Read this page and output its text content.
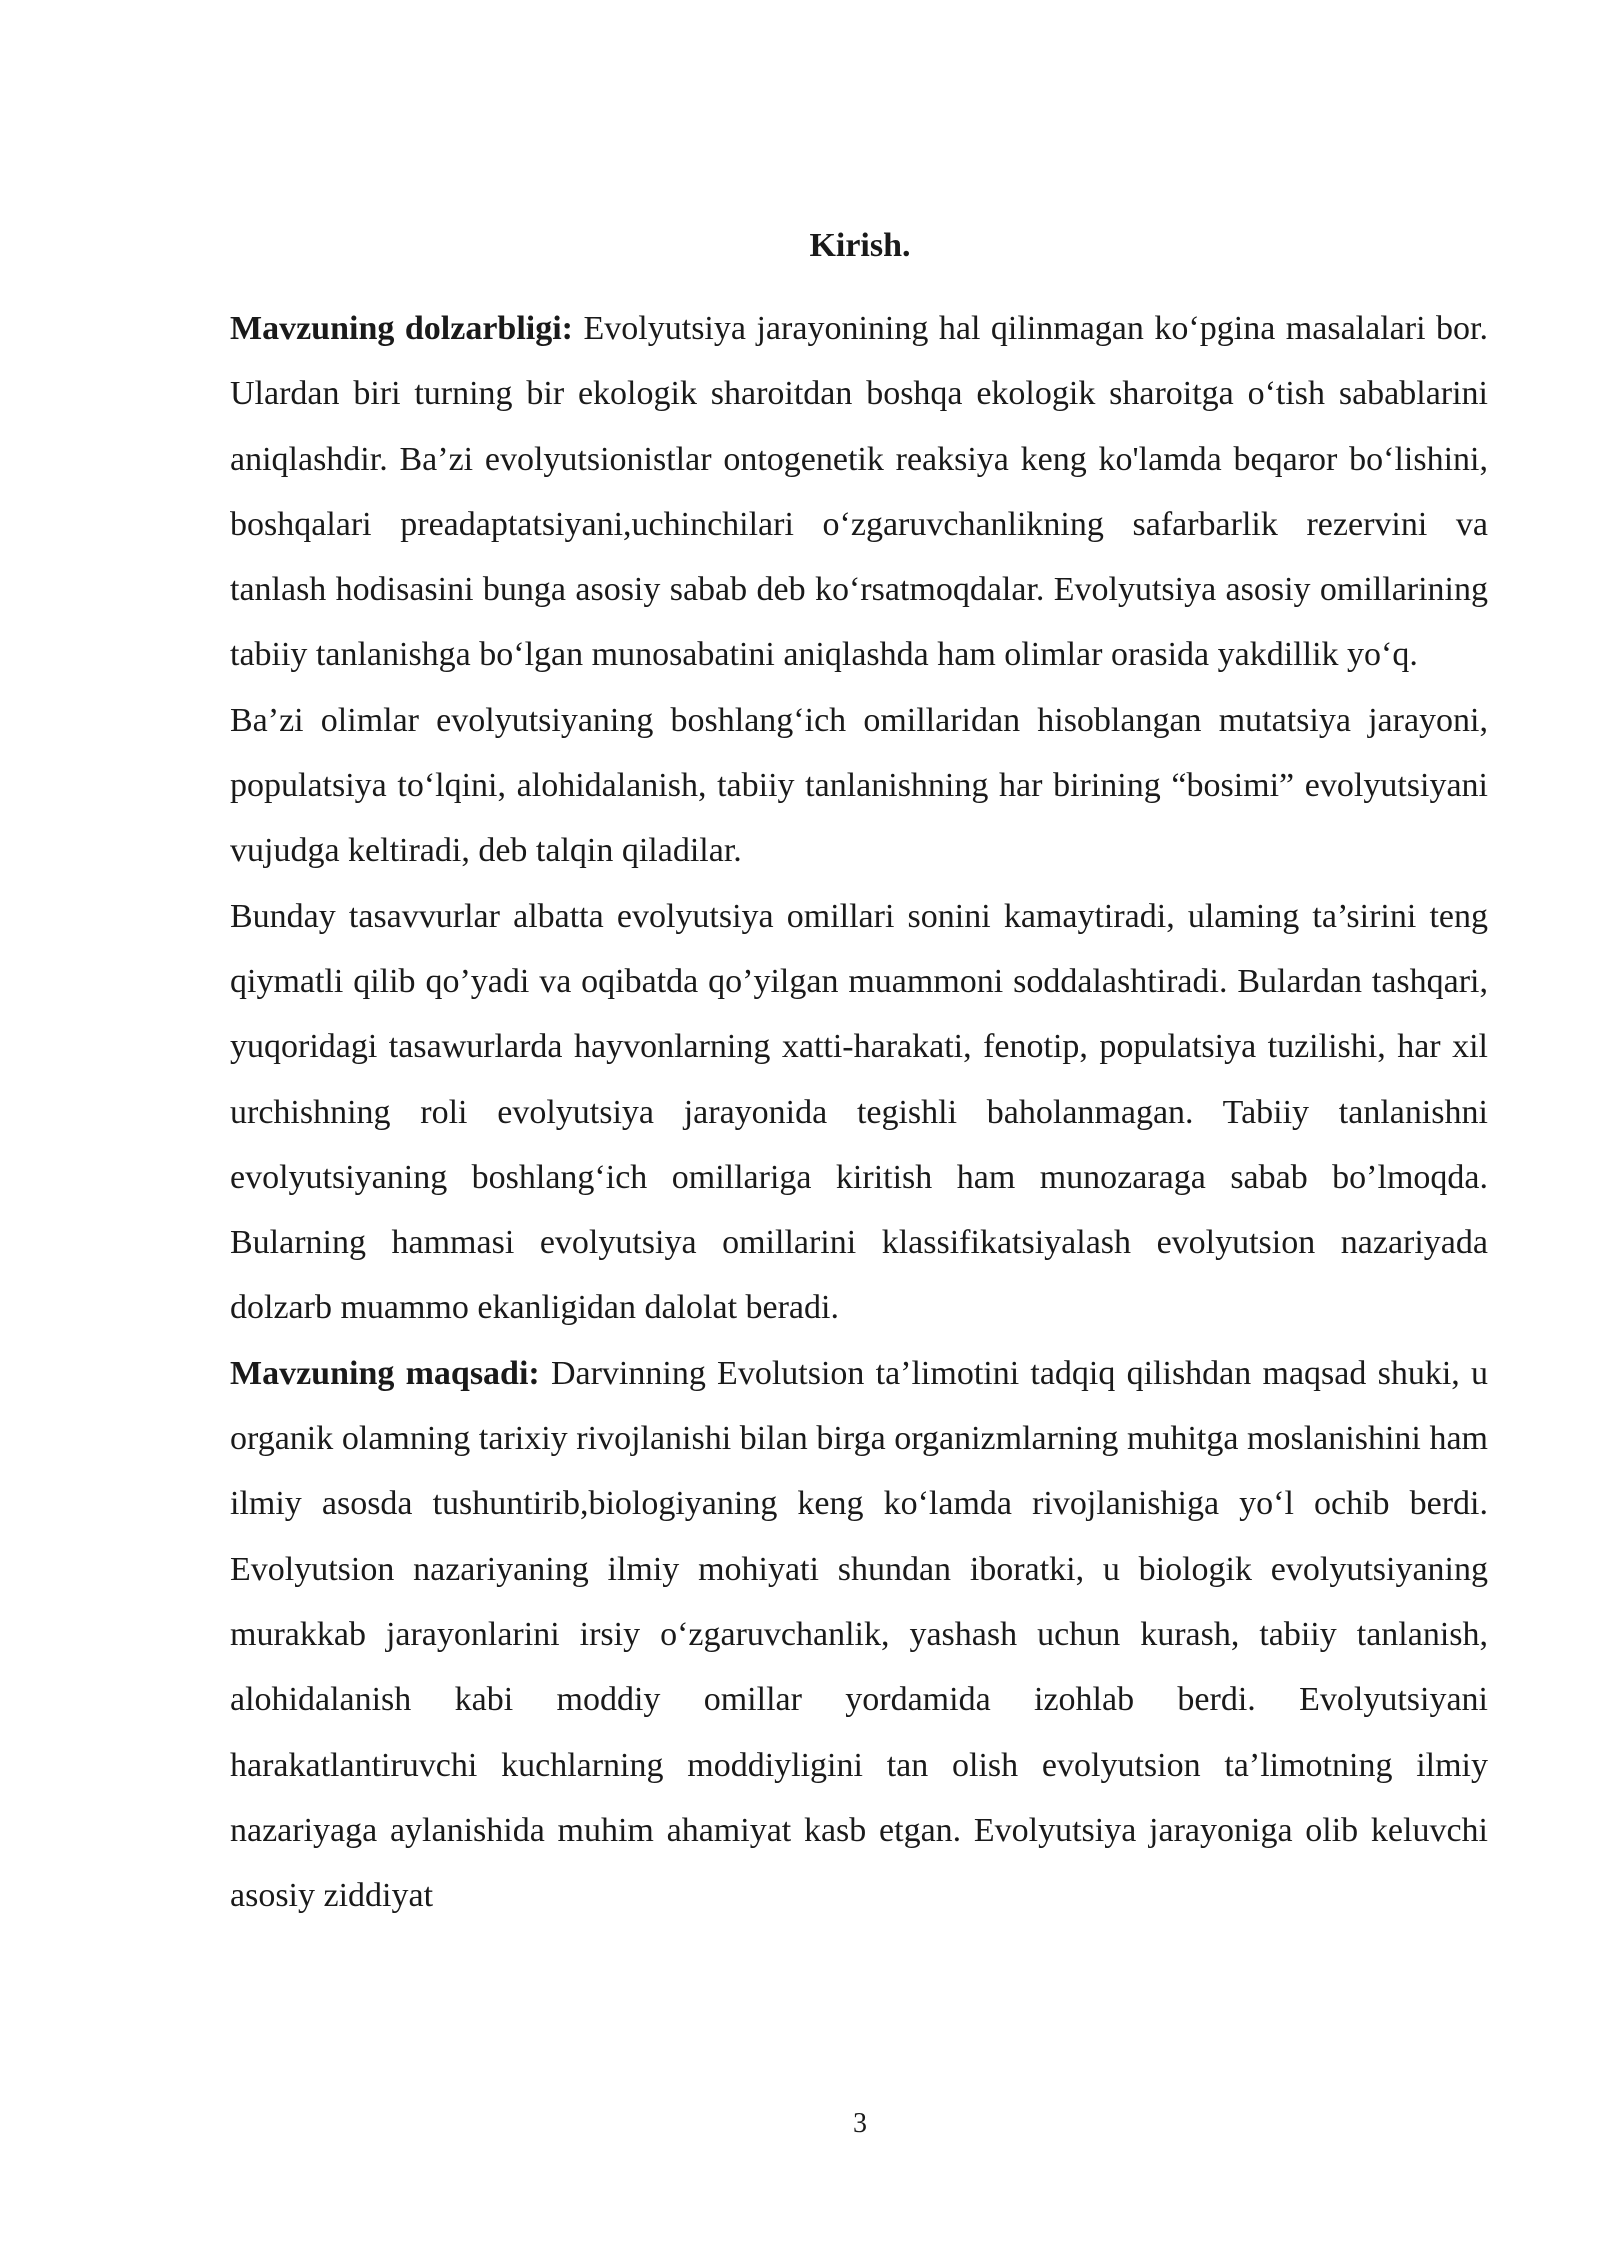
Kirish.

Mavzuning dolzarbligi: Evolyutsiya jarayonining hal qilinmagan ko‘pgina masalalari bor. Ulardan biri turning bir ekologik sharoitdan boshqa ekologik sharoitga o‘tish sabablarini aniqlashdir. Ba’zi evolyutsionistlar ontogenetik reaksiya keng ko'lamda beqaror bo‘lishini, boshqalari preadaptatsiyani,uchinchilari o‘zgaruvchanlikning safarbarlik rezervini va tanlash hodisasini bunga asosiy sabab deb ko‘rsatmoqdalar. Evolyutsiya asosiy omillarining tabiiy tanlanishga bo‘lgan munosabatini aniqlashda ham olimlar orasida yakdillik yo‘q.

Ba’zi olimlar evolyutsiyaning boshlang‘ich omillaridan hisoblangan mutatsiya jarayoni, populatsiya to‘lqini, alohidalanish, tabiiy tanlanishning har birining “bosimi” evolyutsiyani vujudga keltiradi, deb talqin qiladilar.

Bunday tasavvurlar albatta evolyutsiya omillari sonini kamaytiradi, ulaming ta’sirini teng qiymatli qilib qo’yadi va oqibatda qo’yilgan muammoni soddalashtiradi. Bulardan tashqari, yuqoridagi tasawurlarda hayvonlarning xatti-harakati, fenotip, populatsiya tuzilishi, har xil urchishning roli evolyutsiya jarayonida tegishli baholanmagan. Tabiiy tanlanishni evolyutsiyaning boshlang‘ich omillariga kiritish ham munozaraga sabab bo’lmoqda. Bularning hammasi evolyutsiya omillarini klassifikatsiyalash evolyutsion nazariyada dolzarb muammo ekanligidan dalolat beradi.

Mavzuning maqsadi: Darvinning Evolutsion ta’limotini tadqiq qilishdan maqsad shuki, u organik olamning tarixiy rivojlanishi bilan birga organizmlarning muhitga moslanishini ham ilmiy asosda tushuntirib,biologiyaning keng ko‘lamda rivojlanishiga yo‘l ochib berdi. Evolyutsion nazariyaning ilmiy mohiyati shundan iboratki, u biologik evolyutsiyaning murakkab jarayonlarini irsiy o‘zgaruvchanlik, yashash uchun kurash, tabiiy tanlanish, alohidalanish kabi moddiy omillar yordamida izohlab berdi. Evolyutsiyani harakatlantiruvchi kuchlarning moddiyligini tan olish evolyutsion ta’limotning ilmiy nazariyaga aylanishida muhim ahamiyat kasb etgan. Evolyutsiya jarayoniga olib keluvchi asosiy ziddiyat

3
